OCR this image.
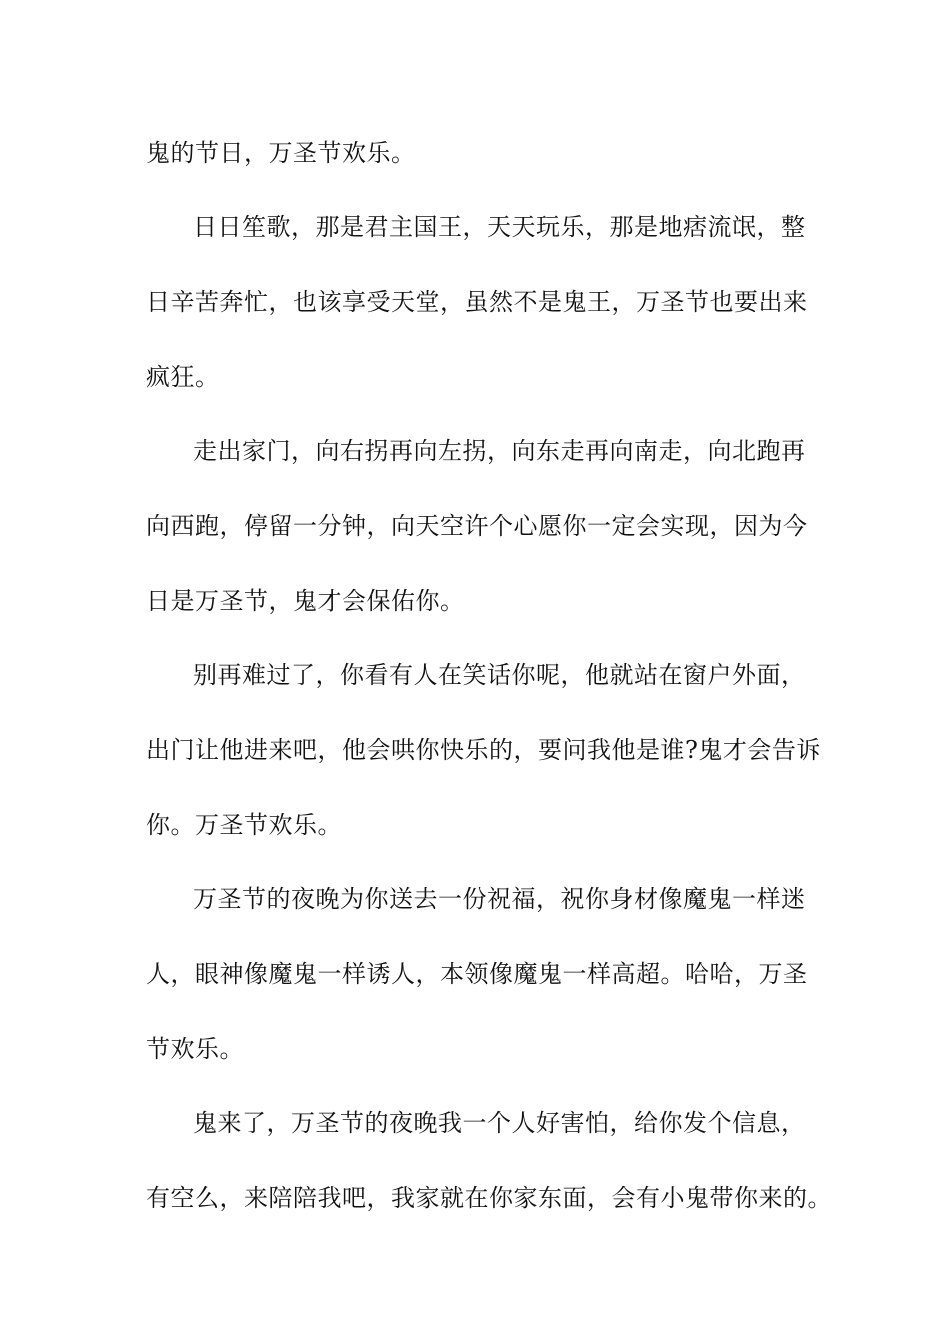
鬼的节日，万圣节欢乐。
日日笙歌，那是君主国王，天天玩乐，那是地痞流氓，整
日辛苦奔忙，也该享受天堂，虽然不是鬼王，万圣节也要出来
疯狂。
走出家门，向右拐再向左拐，向东走再向南走，向北跑再
向西跑，停留一分钟，向天空许个心愿你一定会实现，因为今
日是万圣节，鬼才会保佑你。
别再难过了，你看有人在笑话你呢，他就站在窗户外面，
出门让他进来吧，他会哄你快乐的，要问我他是谁?鬼才会告诉
你。万圣节欢乐。
万圣节的夜晚为你送去一份祝福，祝你身材像魔鬼一样迷
人，眼神像魔鬼一样诱人，本领像魔鬼一样高超。哈哈，万圣
节欢乐。
鬼来了，万圣节的夜晚我一个人好害怕，给你发个信息，
有空么，来陪陪我吧，我家就在你家东面，会有小鬼带你来的。
